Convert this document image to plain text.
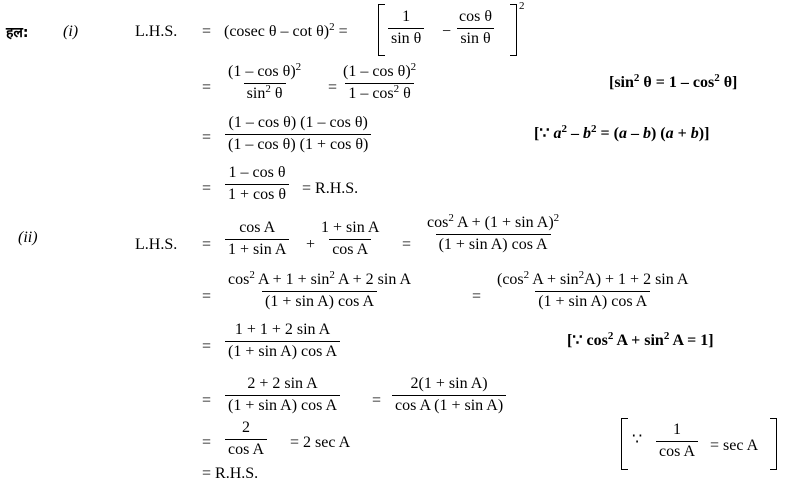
हल: (i)
(ii)
L.H.S. = (cosec θ – cot θ)$^2$ =	$\frac{1}{\text{sin θ}} - \frac{\text{cos θ}}{\text{sin θ}}$
2
= $\frac{(1 - \cos \theta)^2}{\sin^2 \theta} = \frac{(1 - \cos \theta)^2}{1 - \cos^2 \theta}$	[$\sin^2$ $\theta = 1 - \cos^2 \theta$]
= $\frac{\text{(1 – cos θ) (1 – cos θ)}}{\text{(1 – cos θ) (1 + cos θ)}}$	[∵ $a^2 - b^2 = (a - b) (a + b)$]
= $\frac{\text{1 – cos θ}}{\text{1 + cos θ}} = R.H.S$.
L.H.S. = $\frac{\text{cos A}}{\text{1 + sin A}} + \frac{\text{1 + sin A}}{\text{cos A}} = \frac{\cos^2 A + (1 + \sin A)^2}{\text{(1 + sin A) cos A}}$
= $\frac{\cos^2 A + 1 + \sin^2 A + 2 \sin A}{\text{(1 + sin A) cos A}}$	= $\frac{(\cos^2 A + \sin^2A) + 1 + 2 \sin A}{\text{(1 + sin A) cos A}}$
= $\frac{\text{1 + 1 + 2 sin A}}{\text{(1 + sin A) cos A}}$	[∵ $\cos^2 A + \sin^2 A = 1$]
= $\frac{\text{2 + 2 sin A}}{\text{(1 + sin A) cos A}} = \frac{\text{2(1 + sin A)}}{\text{cos A (1 + sin A)}}$
= $\frac{2}{\text{cos A}} = 2$ sec A	∵ $\frac{1}{\text{cos A}} = \sec A$
= R.H.S.
